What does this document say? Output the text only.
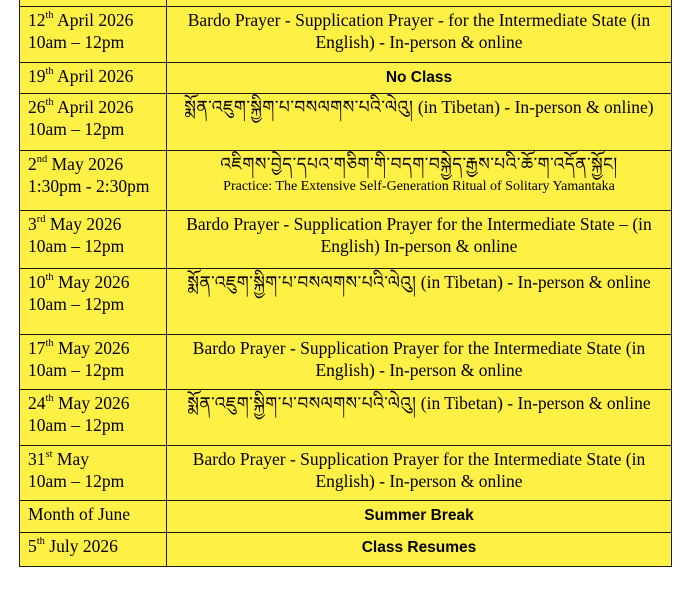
12th April 2026
10am – 12pm	Bardo Prayer - Supplication Prayer - for the Intermediate State (in English) - In-person & online
19th April 2026	No Class
26th April 2026
10am – 12pm	སྨོན་འཇུག་སྐྱིག་པ་བསལགས་པའི་ལེའུ། (in Tibetan) - In-person & online)
2nd May 2026
1:30pm - 2:30pm	འཇིགས་བྱེད་དཔའ་གཅིག་གི་བདག་བསྐྱེད་རྒྱས་པའི་ཆོ་ག་འདོན་སྐྱོང།
Practice: The Extensive Self-Generation Ritual of Solitary Yamantaka

3rd May 2026
10am – 12pm	Bardo Prayer - Supplication Prayer for the Intermediate State – (in English) In-person & online
10th May 2026
10am – 12pm	སྨོན་འཇུག་སྐྱིག་པ་བསལགས་པའི་ལེའུ། (in Tibetan) - In-person & online
17th May 2026
10am – 12pm	Bardo Prayer - Supplication Prayer for the Intermediate State (in English) - In-person & online
24th May 2026
10am – 12pm	སྨོན་འཇུག་སྐྱིག་པ་བསལགས་པའི་ལེའུ། (in Tibetan) - In-person & online
31st May
10am – 12pm	Bardo Prayer - Supplication Prayer for the Intermediate State (in English) - In-person & online
Month of June	Summer Break
5th July 2026	Class Resumes
